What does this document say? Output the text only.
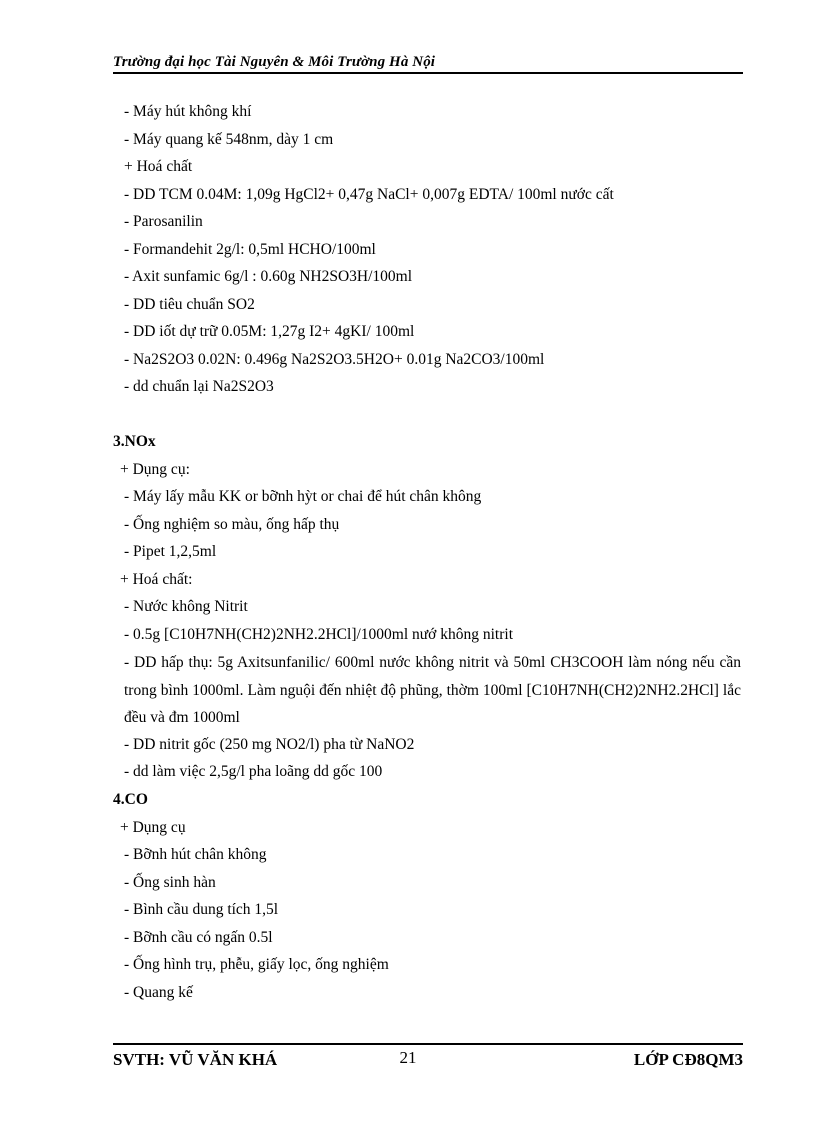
Trường đại học Tài Nguyên & Môi Trường Hà Nội
- Máy hút không khí
- Máy quang kế 548nm, dày 1 cm
+ Hoá chất
- DD TCM 0.04M: 1,09g HgCl2+ 0,47g NaCl+ 0,007g EDTA/ 100ml nước cất
- Parosanilin
- Formandehit 2g/l: 0,5ml HCHO/100ml
- Axit sunfamic 6g/l : 0.60g NH2SO3H/100ml
- DD tiêu chuẩn SO2
- DD iốt dự trữ 0.05M: 1,27g I2+ 4gKI/ 100ml
- Na2S2O3 0.02N: 0.496g Na2S2O3.5H2O+ 0.01g Na2CO3/100ml
- dd chuẩn lại Na2S2O3
3.NOx
+ Dụng cụ:
- Máy lấy mẫu KK or bỡnh hỳt or chai để hút chân không
- Ống nghiệm so màu, ống hấp thụ
- Pipet 1,2,5ml
+ Hoá chất:
- Nước không Nitrit
- 0.5g [C10H7NH(CH2)2NH2.2HCl]/1000ml nướ không nitrit
- DD hấp thụ: 5g Axitsunfanilic/ 600ml nước không nitrit và 50ml CH3COOH làm nóng nếu cần trong bình 1000ml. Làm nguội đến nhiệt độ phũng, thờm 100ml [C10H7NH(CH2)2NH2.2HCl] lắc đều và đm 1000ml
- DD nitrit gốc (250 mg NO2/l) pha từ NaNO2
- dd làm việc 2,5g/l pha loãng dd gốc 100
4.CO
+ Dụng cụ
- Bỡnh hút chân không
- Ống sinh hàn
- Bình cầu dung tích 1,5l
- Bỡnh cầu có ngấn 0.5l
- Ống hình trụ, phễu, giấy lọc, ống nghiệm
- Quang kế
SVTH: VŨ VĂN KHÁ	21	LỚP CĐ8QM3
